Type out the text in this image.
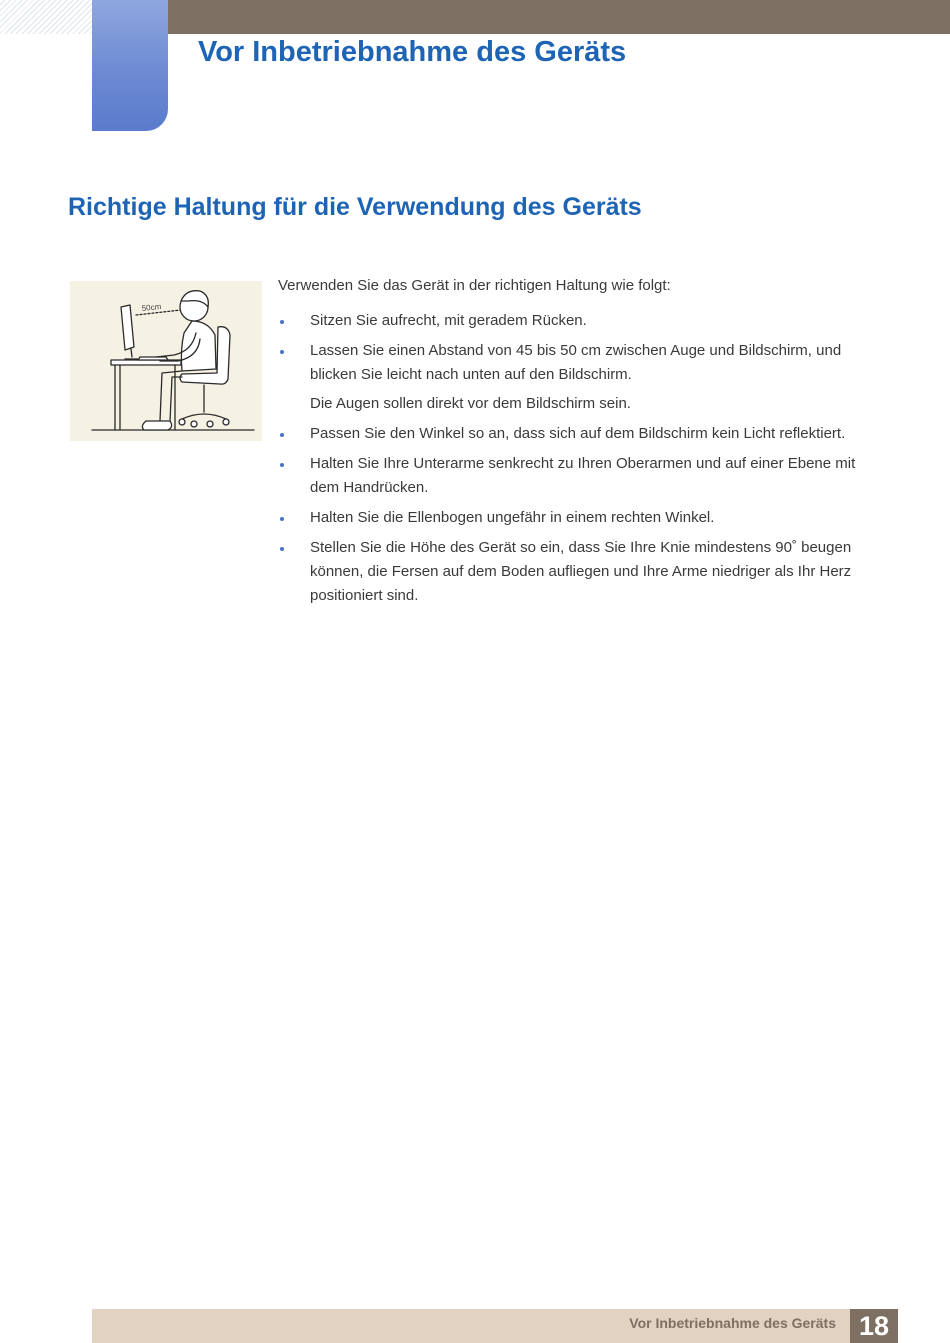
Vor Inbetriebnahme des Geräts
Richtige Haltung für die Verwendung des Geräts
50cm

Verwenden Sie das Gerät in der richtigen Haltung wie folgt:

Sitzen Sie aufrecht, mit geradem Rücken.
Lassen Sie einen Abstand von 45 bis 50 cm zwischen Auge und Bildschirm, und blicken Sie leicht nach unten auf den Bildschirm.
Die Augen sollen direkt vor dem Bildschirm sein.
Passen Sie den Winkel so an, dass sich auf dem Bildschirm kein Licht reflektiert.
Halten Sie Ihre Unterarme senkrecht zu Ihren Oberarmen und auf einer Ebene mit dem Handrücken.
Halten Sie die Ellenbogen ungefähr in einem rechten Winkel.
Stellen Sie die Höhe des Gerät so ein, dass Sie Ihre Knie mindestens 90˚ beugen können, die Fersen auf dem Boden aufliegen und Ihre Arme niedriger als Ihr Herz positioniert sind.
Vor Inbetriebnahme des Geräts 18
